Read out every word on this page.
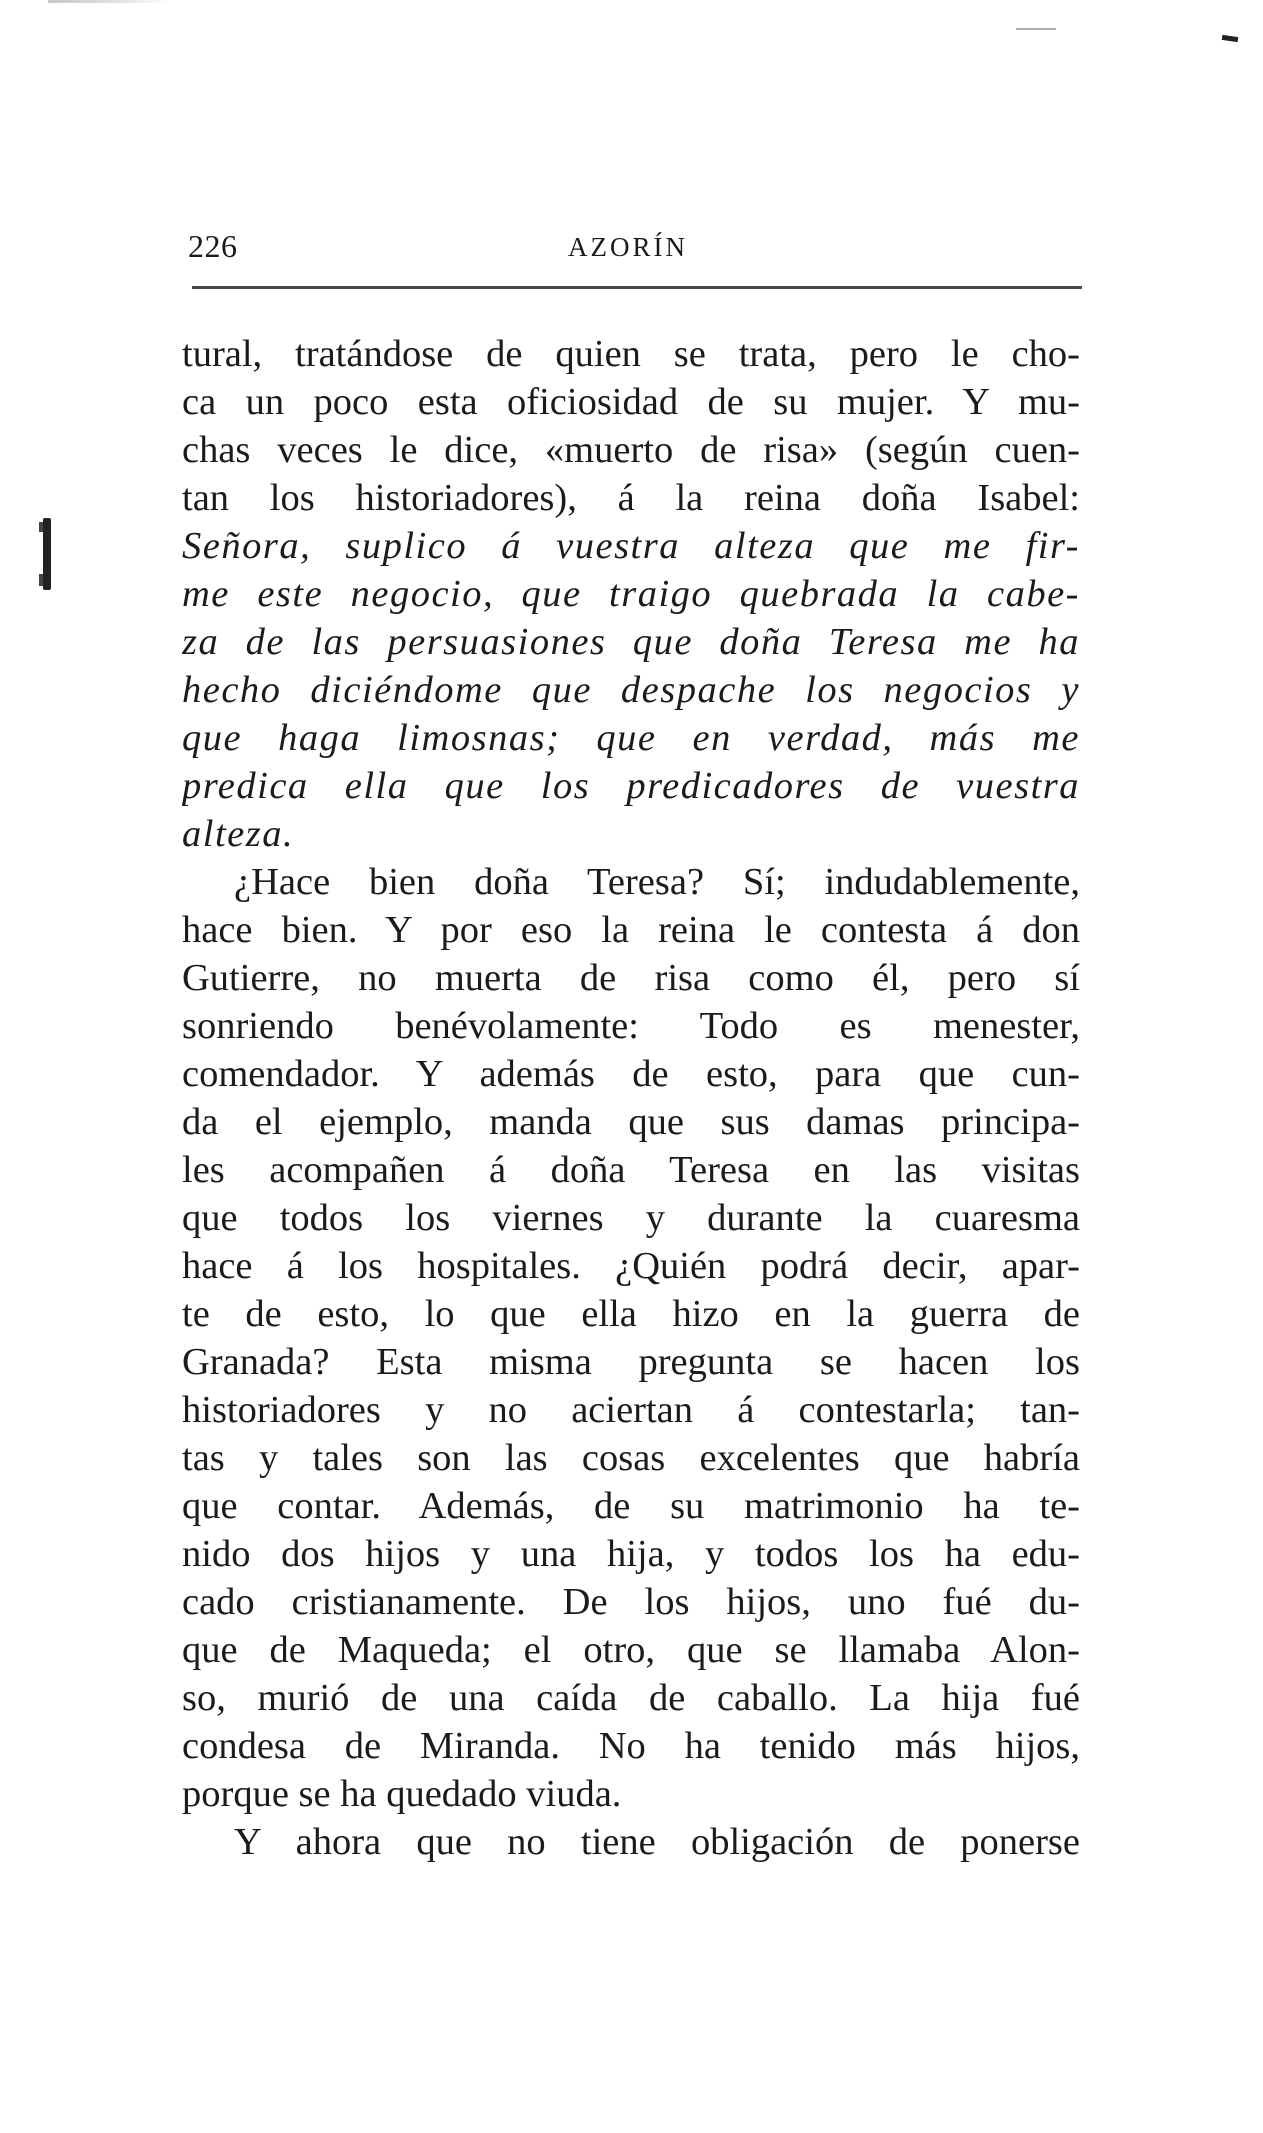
226	AZORÍN
tural, tratándose de quien se trata, pero le cho-
ca un poco esta oficiosidad de su mujer. Y mu-
chas veces le dice, «muerto de risa» (según cuen-
tan los historiadores), á la reina doña Isabel:
Señora, suplico á vuestra alteza que me fir-
me este negocio, que traigo quebrada la cabe-
za de las persuasiones que doña Teresa me ha
hecho diciéndome que despache los negocios y
que haga limosnas; que en verdad, más me
predica ella que los predicadores de vuestra
alteza.
¿Hace bien doña Teresa? Sí; indudablemente,
hace bien. Y por eso la reina le contesta á don
Gutierre, no muerta de risa como él, pero sí
sonriendo benévolamente: Todo es menester,
comendador. Y además de esto, para que cun-
da el ejemplo, manda que sus damas principa-
les acompañen á doña Teresa en las visitas
que todos los viernes y durante la cuaresma
hace á los hospitales. ¿Quién podrá decir, apar-
te de esto, lo que ella hizo en la guerra de
Granada? Esta misma pregunta se hacen los
historiadores y no aciertan á contestarla; tan-
tas y tales son las cosas excelentes que habría
que contar. Además, de su matrimonio ha te-
nido dos hijos y una hija, y todos los ha edu-
cado cristianamente. De los hijos, uno fué du-
que de Maqueda; el otro, que se llamaba Alon-
so, murió de una caída de caballo. La hija fué
condesa de Miranda. No ha tenido más hijos,
porque se ha quedado viuda.
Y ahora que no tiene obligación de ponerse
